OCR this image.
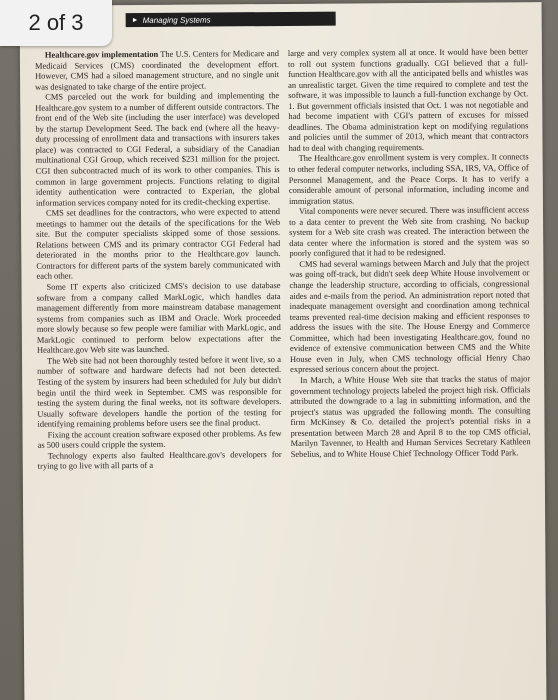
► Managing Systems

Healthcare.gov implementation The U.S. Centers for Medicare and Medicaid Services (CMS) coordinated the development effort. However, CMS had a siloed management structure, and no single unit was designated to take charge of the entire project.

CMS parceled out the work for building and implementing the Healthcare.gov system to a number of different outside contractors. The front end of the Web site (including the user interface) was developed by the startup Development Seed. The back end (where all the heavy-duty processing of enrollment data and transactions with insurers takes place) was contracted to CGI Federal, a subsidiary of the Canadian multinational CGI Group, which received $231 million for the project. CGI then subcontracted much of its work to other companies. This is common in large government projects. Functions relating to digital identity authentication were contracted to Experian, the global information services company noted for its credit-checking expertise.

CMS set deadlines for the contractors, who were expected to attend meetings to hammer out the details of the specifications for the Web site. But the computer specialists skipped some of those sessions. Relations between CMS and its primary contractor CGI Federal had deteriorated in the months prior to the Healthcare.gov launch. Contractors for different parts of the system barely communicated with each other.

Some IT experts also criticized CMS's decision to use database software from a company called MarkLogic, which handles data management differently from more mainstream database management systems from companies such as IBM and Oracle. Work proceeded more slowly because so few people were familiar with MarkLogic, and MarkLogic continued to perform below expectations after the Healthcare.gov Web site was launched.

The Web site had not been thoroughly tested before it went live, so a number of software and hardware defects had not been detected. Testing of the system by insurers had been scheduled for July but didn't begin until the third week in September. CMS was responsible for testing the system during the final weeks, not its software developers. Usually software developers handle the portion of the testing for identifying remaining problems before users see the final product.

Fixing the account creation software exposed other problems. As few as 500 users could cripple the system.

Technology experts also faulted Healthcare.gov's developers for trying to go live with all parts of a

large and very complex system all at once. It would have been better to roll out system functions gradually. CGI believed that a full-function Healthcare.gov with all the anticipated bells and whistles was an unrealistic target. Given the time required to complete and test the software, it was impossible to launch a full-function exchange by Oct. 1. But government officials insisted that Oct. 1 was not negotiable and had become impatient with CGI's pattern of excuses for missed deadlines. The Obama administration kept on modifying regulations and policies until the summer of 2013, which meant that contractors had to deal with changing requirements.

The Healthcare.gov enrollment system is very complex. It connects to other federal computer networks, including SSA, IRS, VA, Office of Personnel Management, and the Peace Corps. It has to verify a considerable amount of personal information, including income and immigration status.

Vital components were never secured. There was insufficient access to a data center to prevent the Web site from crashing. No backup system for a Web site crash was created. The interaction between the data center where the information is stored and the system was so poorly configured that it had to be redesigned.

CMS had several warnings between March and July that the project was going off-track, but didn't seek deep White House involvement or change the leadership structure, according to officials, congressional aides and e-mails from the period. An administration report noted that inadequate management oversight and coordination among technical teams prevented real-time decision making and efficient responses to address the issues with the site. The House Energy and Commerce Committee, which had been investigating Healthcare.gov, found no evidence of extensive communication between CMS and the White House even in July, when CMS technology official Henry Chao expressed serious concern about the project.

In March, a White House Web site that tracks the status of major government technology projects labeled the project high risk. Officials attributed the downgrade to a lag in submitting information, and the project's status was upgraded the following month. The consulting firm McKinsey & Co. detailed the project's potential risks in a presentation between March 28 and April 8 to the top CMS official, Marilyn Tavenner, to Health and Human Services Secretary Kathleen Sebelius, and to White House Chief Technology Officer Todd Park.

2 of 3
